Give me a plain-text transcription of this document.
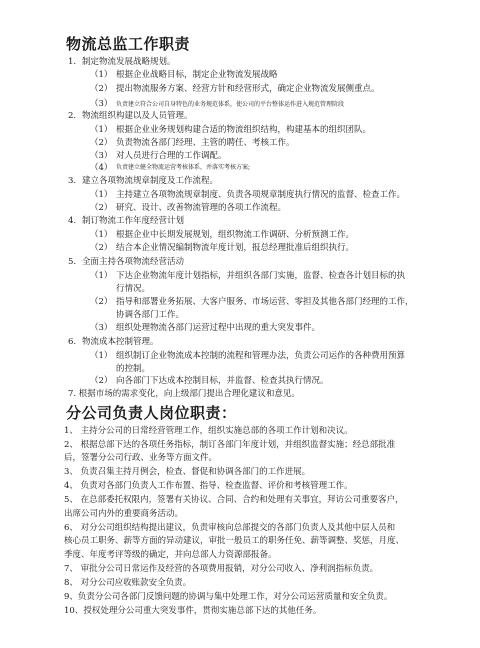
物流总监工作职责
1. 制定物流发展战略规划。
（1） 根据企业战略目标，制定企业物流发展战略
（2） 提出物流服务方案、经营方针和经营形式，确定企业物流发展侧重点。
（3） 负责建立符合公司自身特色的业务规范体系，使公司的平台整体运作进入规范管理阶段
2. 物流组织构建以及人员管理。
（1） 根据企业业务规划构建合适的物流组织结构，构建基本的组织团队。
（2） 负责物流各部门经理、主管的聘任、考核工作。
（3） 对人员进行合理的工作调配。
（4） 负责建立健全物流运营考核体系，并落实考核方案;
3. 建立各项物流规章制度及工作流程。
（1） 主持建立各项物流规章制度、负责各项规章制度执行情况的监督、检查工作。
（2） 研究、设计、改善物流管理的各项工作流程。
4. 制订物流工作年度经营计划
（1） 根据企业中长期发展规划，组织物流工作调研、分析预测工作。
（2） 结合本企业情况编制物流年度计划，报总经理批准后组织执行。
5. 全面主持各项物流经营活动
（1） 下达企业物流年度计划指标，并组织各部门实施，监督、检查各计划目标的执
行情况。
（2） 指导和部署业务拓展、大客户服务、市场运营、零担及其他各部门经理的工作，
协调各部门工作。
（3） 组织处理物流各部门运营过程中出现的重大突发事件。
6. 物流成本控制管理。
（1） 组织制订企业物流成本控制的流程和管理办法，负责公司运作的各种费用预算
的控制。
（2） 向各部门下达成本控制目标，并监督、检查其执行情况。
分公司负责人岗位职责：
1、 主持分公司的日常经营管理工作，组织实施总部的各项工作计划和决议。
2、 根据总部下达的各项任务指标，制订各部门年度计划，并组织监督实施；经总部批准
后，签署分公司行政、业务等方面文件。
3、 负责召集主持月例会，检查、督促和协调各部门的工作进展。
4、 负责对各部门负责人工作布置、指导、检查监督、评价和考核管理工作。
5、 在总部委托权限内，签署有关协议、合同、合约和处理有关事宜，拜访公司重要客户，
出席公司内外的重要商务活动。
6、 对分公司组织结构提出建议，负责审核向总部提交的各部门负责人及其他中层人员和
核心员工职务、薪等方面的异动建议，审批一般员工的职务任免、薪等调整、奖惩，月度、
季度、年度考评等级的确定，并向总部人力资源部报备。
7、 审批分公司日常运作及经营的各项费用报销，对分公司收入、净利润指标负责。
8、 对分公司应收账款安全负责。
9、负责分公司各部门反馈问题的协调与集中处理工作，对分公司运营质量和安全负责。
10、授权处理分公司重大突发事件，贯彻实施总部下达的其他任务。
7. 根据市场的需求变化，向上级部门提出合理化建议和意见。
